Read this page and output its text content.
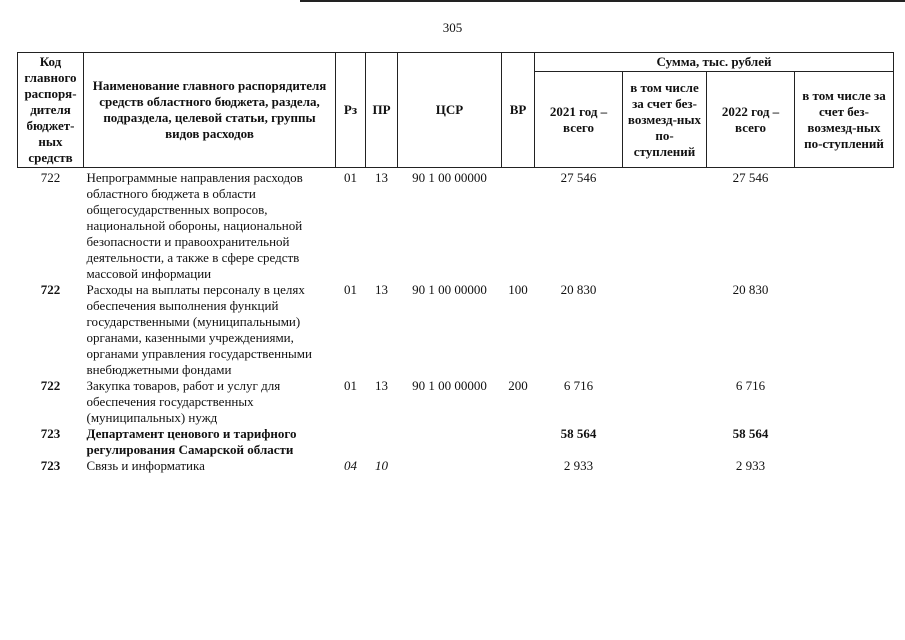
305
Код главного распоря-дителя бюджет-ных средств	Наименование главного распорядителя средств областного бюджета, раздела, подраздела, целевой статьи, группы видов расходов	Рз	ПР	ЦСР	ВР	Сумма, тыс. рублей			
						2021 год – всего	в том числе за счет без-возмезд-ных по-ступлений	2022 год – всего	в том числе за счет без-возмезд-ных по-ступлений

722	Непрограммные направления расходов областного бюджета в области общегосударственных вопросов, национальной обороны, национальной безопасности и правоохранительной деятельности, а также в сфере средств массовой информации	01	13	90 1 00 00000		27 546		27 546	
722	Расходы на выплаты персоналу в целях обеспечения выполнения функций государственными (муниципальными) органами, казенными учреждениями, органами управления государственными внебюджетными фондами	01	13	90 1 00 00000	100	20 830		20 830	
722	Закупка товаров, работ и услуг для обеспечения государственных (муниципальных) нужд	01	13	90 1 00 00000	200	6 716		6 716	
723	Департамент ценового и тарифного регулирования Самарской области					58 564		58 564	
723	Связь и информатика	04	10			2 933		2 933	
